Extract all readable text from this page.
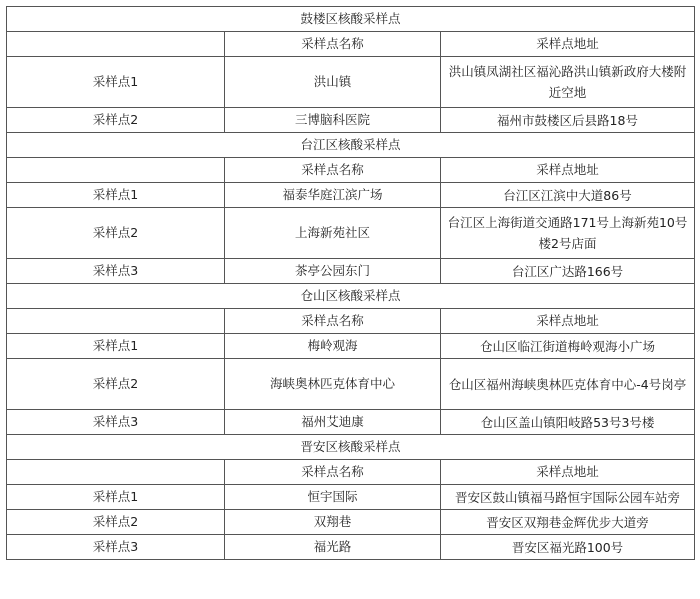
鼓楼区核酸采样点		
	采样点名称	采样点地址
采样点1	洪山镇	洪山镇凤湖社区福沁路洪山镇新政府大楼附近空地
采样点2	三博脑科医院	福州市鼓楼区后县路18号
台江区核酸采样点		
	采样点名称	采样点地址
采样点1	福泰华庭江滨广场	台江区江滨中大道86号
采样点2	上海新苑社区	台江区上海街道交通路171号上海新苑10号楼2号店面
采样点3	茶亭公园东门	台江区广达路166号
仓山区核酸采样点		
	采样点名称	采样点地址
采样点1	梅岭观海	仓山区临江街道梅岭观海小广场
采样点2	海峡奥林匹克体育中心	仓山区福州海峡奥林匹克体育中心-4号岗亭
采样点3	福州艾迪康	仓山区盖山镇阳岐路53号3号楼
晋安区核酸采样点		
	采样点名称	采样点地址
采样点1	恒宇国际	晋安区鼓山镇福马路恒宇国际公园车站旁
采样点2	双翔巷	晋安区双翔巷金辉优步大道旁
采样点3	福光路	晋安区福光路100号
